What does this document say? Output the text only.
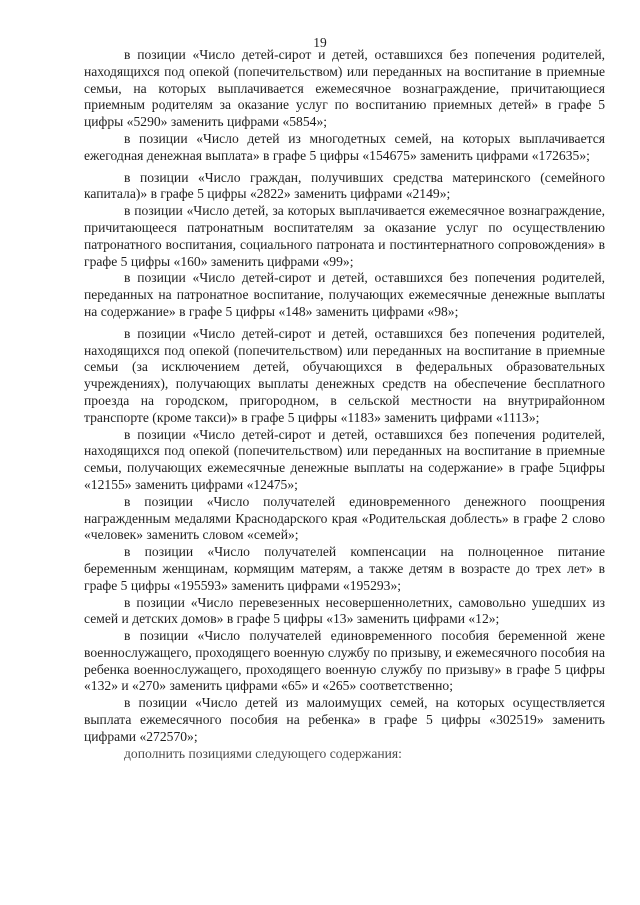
19

в позиции «Число детей-сирот и детей, оставшихся без попечения родителей, находящихся под опекой (попечительством) или переданных на воспитание в приемные семьи, на которых выплачивается ежемесячное вознаграждение, причитающиеся приемным родителям за оказание услуг по воспитанию приемных детей» в графе 5 цифры «5290» заменить цифрами «5854»;

в позиции «Число детей из многодетных семей, на которых выплачивается ежегодная денежная выплата» в графе 5 цифры «154675» заменить цифрами «172635»;

в позиции «Число граждан, получивших средства материнского (семейного капитала)» в графе 5 цифры «2822» заменить цифрами «2149»;

в позиции «Число детей, за которых выплачивается ежемесячное вознаграждение, причитающееся патронатным воспитателям за оказание услуг по осуществлению патронатного воспитания, социального патроната и постинтернатного сопровождения» в графе 5 цифры «160» заменить цифрами «99»;

в позиции «Число детей-сирот и детей, оставшихся без попечения родителей, переданных на патронатное воспитание, получающих ежемесячные денежные выплаты на содержание» в графе 5 цифры «148» заменить цифрами «98»;

в позиции «Число детей-сирот и детей, оставшихся без попечения родителей, находящихся под опекой (попечительством) или переданных на воспитание в приемные семьи (за исключением детей, обучающихся в федеральных образовательных учреждениях), получающих выплаты денежных средств на обеспечение бесплатного проезда на городском, пригородном, в сельской местности на внутрирайонном транспорте (кроме такси)» в графе 5 цифры «1183» заменить цифрами «1113»;

в позиции «Число детей-сирот и детей, оставшихся без попечения родителей, находящихся под опекой (попечительством) или переданных на воспитание в приемные семьи, получающих ежемесячные денежные выплаты на содержание» в графе 5цифры «12155» заменить цифрами «12475»;

в позиции «Число получателей единовременного денежного поощрения награжденным медалями Краснодарского края «Родительская доблесть» в графе 2 слово «человек» заменить словом «семей»;

в позиции «Число получателей компенсации на полноценное питание беременным женщинам, кормящим матерям, а также детям в возрасте до трех лет» в графе 5 цифры «195593» заменить цифрами «195293»;

в позиции «Число перевезенных несовершеннолетних, самовольно ушедших из семей и детских домов» в графе 5 цифры «13» заменить цифрами «12»;

в позиции «Число получателей единовременного пособия беременной жене военнослужащего, проходящего военную службу по призыву, и ежемесячного пособия на ребенка военнослужащего, проходящего военную службу по призыву» в графе 5 цифры «132» и «270» заменить цифрами «65» и «265» соответственно;

в позиции «Число детей из малоимущих семей, на которых осуществляется выплата ежемесячного пособия на ребенка» в графе 5 цифры «302519» заменить цифрами «272570»;

дополнить позициями следующего содержания:
